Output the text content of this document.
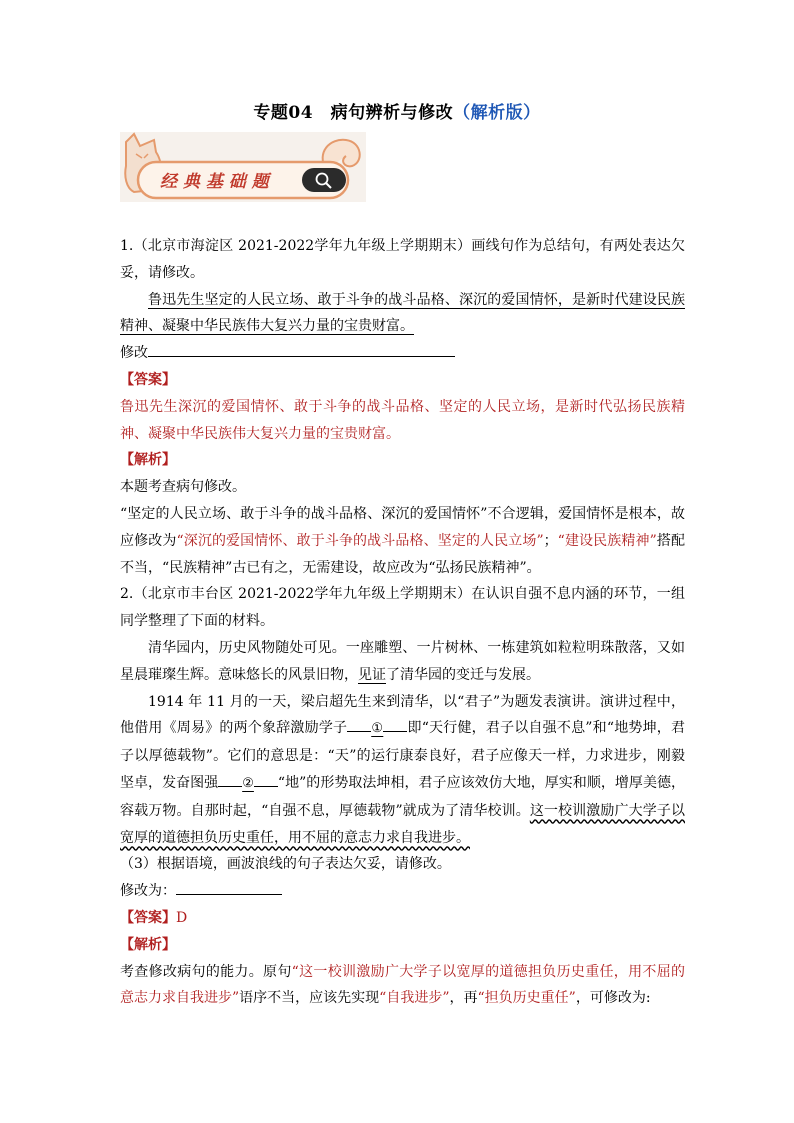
专题04　病句辨析与修改（解析版）
经 典 基 础 题

1.（北京市海淀区 2021-2022学年九年级上学期期末）画线句作为总结句，有两处表达欠妥，请修改。

鲁迅先生坚定的人民立场、敢于斗争的战斗品格、深沉的爱国情怀，是新时代建设民族精神、凝聚中华民族伟大复兴力量的宝贵财富。

修改

【答案】

鲁迅先生深沉的爱国情怀、敢于斗争的战斗品格、坚定的人民立场，是新时代弘扬民族精神、凝聚中华民族伟大复兴力量的宝贵财富。

【解析】

本题考查病句修改。

“坚定的人民立场、敢于斗争的战斗品格、深沉的爱国情怀”不合逻辑，爱国情怀是根本，故应修改为“深沉的爱国情怀、敢于斗争的战斗品格、坚定的人民立场”；“建设民族精神”搭配不当，“民族精神”古已有之，无需建设，故应改为“弘扬民族精神”。

2.（北京市丰台区 2021-2022学年九年级上学期期末）在认识自强不息内涵的环节，一组同学整理了下面的材料。

清华园内，历史风物随处可见。一座雕塑、一片树林、一栋建筑如粒粒明珠散落，又如星晨璀璨生辉。意味悠长的风景旧物，见证了清华园的变迁与发展。

1914 年 11 月的一天，梁启超先生来到清华，以“君子”为题发表演讲。演讲过程中，他借用《周易》的两个象辞激励学子 ① 即“天行健，君子以自强不息”和“地势坤，君子以厚德载物”。它们的意思是：“天”的运行康泰良好，君子应像天一样，力求进步，刚毅坚卓，发奋图强 ② “地”的形势取法坤相，君子应该效仿大地，厚实和顺，增厚美德，容载万物。自那时起，“自强不息，厚德载物”就成为了清华校训。这一校训激励广大学子以宽厚的道德担负历史重任，用不屈的意志力求自我进步。

（3）根据语境，画波浪线的句子表达欠妥，请修改。

修改为：

【答案】D

【解析】

考查修改病句的能力。原句“这一校训激励广大学子以宽厚的道德担负历史重任，用不屈的意志力求自我进步”语序不当，应该先实现“自我进步”，再“担负历史重任”，可修改为:
